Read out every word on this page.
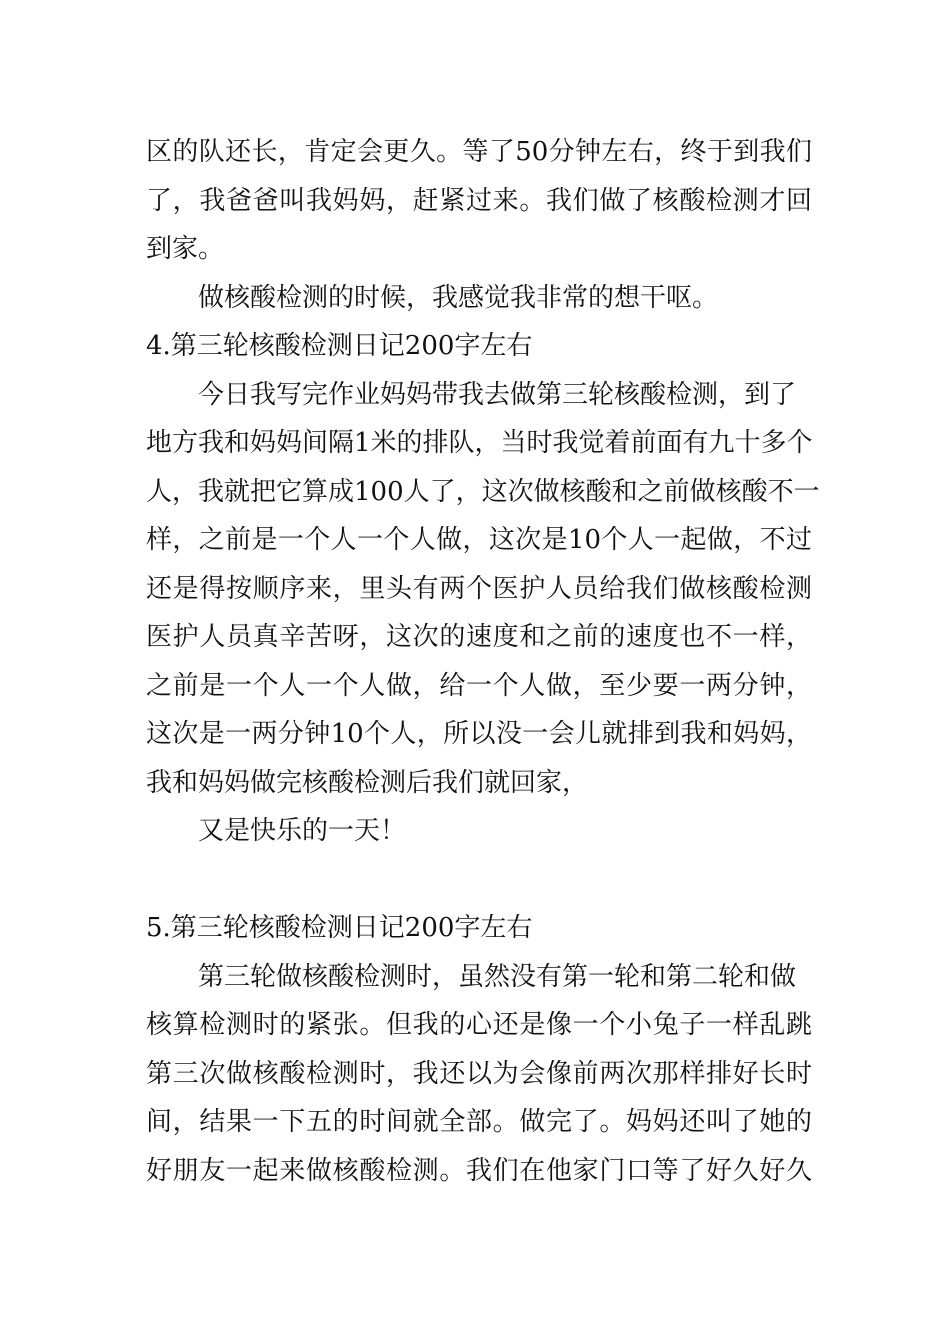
区的队还长，肯定会更久。等了50分钟左右，终于到我们
了，我爸爸叫我妈妈，赶紧过来。我们做了核酸检测才回
到家。
做核酸检测的时候，我感觉我非常的想干呕。
4.第三轮核酸检测日记200字左右
今日我写完作业妈妈带我去做第三轮核酸检测，到了
地方我和妈妈间隔1米的排队，当时我觉着前面有九十多个
人，我就把它算成100人了，这次做核酸和之前做核酸不一
样，之前是一个人一个人做，这次是10个人一起做，不过
还是得按顺序来，里头有两个医护人员给我们做核酸检测
医护人员真辛苦呀，这次的速度和之前的速度也不一样，
之前是一个人一个人做，给一个人做，至少要一两分钟，
这次是一两分钟10个人，所以没一会儿就排到我和妈妈，
我和妈妈做完核酸检测后我们就回家，
又是快乐的一天！
5.第三轮核酸检测日记200字左右
第三轮做核酸检测时，虽然没有第一轮和第二轮和做
核算检测时的紧张。但我的心还是像一个小兔子一样乱跳
第三次做核酸检测时，我还以为会像前两次那样排好长时
间，结果一下五的时间就全部。做完了。妈妈还叫了她的
好朋友一起来做核酸检测。我们在他家门口等了好久好久
